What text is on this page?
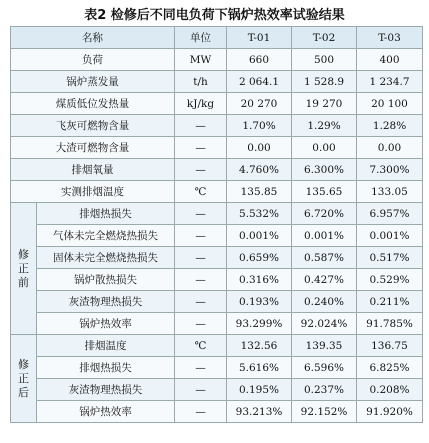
表2 检修后不同电负荷下锅炉热效率试验结果
名称		单位	T-01	T-02	T-03
负荷		MW	660	500	400
锅炉蒸发量		t/h	2 064.1	1 528.9	1 234.7
煤质低位发热量		kJ/kg	20 270	19 270	20 100
飞灰可燃物含量		—	1.70%	1.29%	1.28%
大渣可燃物含量		—	0.00	0.00	0.00
排烟氧量		—	4.760%	6.300%	7.300%
实测排烟温度		℃	135.85	135.65	133.05

修
正
前	排烟热损失	—	5.532%	6.720%	6.957%
	气体未完全燃烧热损失	—	0.001%	0.001%	0.001%
	固体未完全燃烧热损失	—	0.659%	0.587%	0.517%
	锅炉散热损失	—	0.316%	0.427%	0.529%
	灰渣物理热损失	—	0.193%	0.240%	0.211%
	锅炉热效率	—	93.299%	92.024%	91.785%

修
正
后	排烟温度	℃	132.56	139.35	136.75
	排烟热损失	—	5.616%	6.596%	6.825%
	灰渣物理热损失	—	0.195%	0.237%	0.208%
	锅炉热效率	—	93.213%	92.152%	91.920%
